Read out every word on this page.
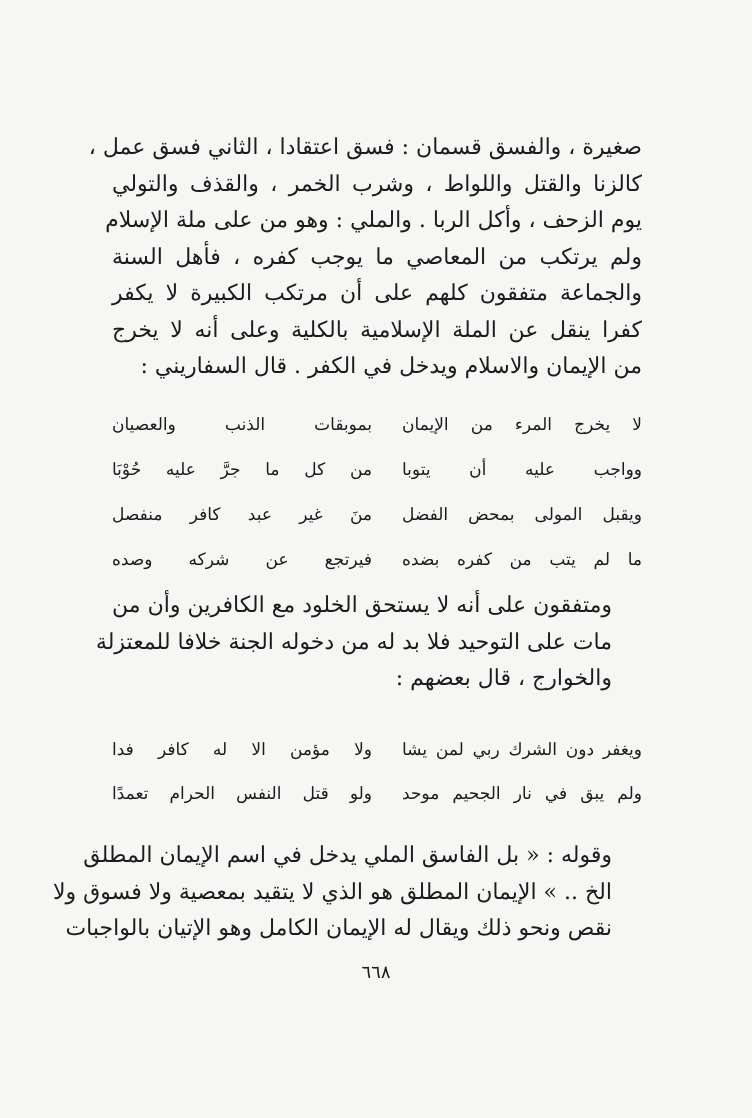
صغيرة ، والفسق قسمان : فسق اعتقادا ، الثاني فسق عمل ،
كالزنا والقتل واللواط ، وشرب الخمر ، والقذف والتولي
يوم الزحف ، وأكل الربا . والملي : وهو من على ملة الإسلام
ولم يرتكب من المعاصي ما يوجب كفره ، فأهل السنة
والجماعة متفقون كلهم على أن مرتكب الكبيرة لا يكفر
كفرا ينقل عن الملة الإسلامية بالكلية وعلى أنه لا يخرج
من الإيمان والاسلام ويدخل في الكفر . قال السفاريني :

لا يخرج المرء من الإيمان
بموبقات الذنب والعصيان
وواجب عليه أن يتوبا
من كل ما جرَّ عليه حُوْبَا
ويقبل المولى بمحض الفضل
منَ غير عبد كافر منفصل
ما لم يتب من كفره بضده
فيرتجع عن شركه وصده

ومتفقون على أنه لا يستحق الخلود مع الكافرين وأن من
مات على التوحيد فلا بد له من دخوله الجنة خلافا للمعتزلة
والخوارج ، قال بعضهم :

ويغفر دون الشرك ربي لمن يشا
ولا مؤمن الا له كافر فدا
ولم يبق في نار الجحيم موحد
ولو قتل النفس الحرام تعمدًا

وقوله : « بل الفاسق الملي يدخل في اسم الإيمان المطلق
الخ .. » الإيمان المطلق هو الذي لا يتقيد بمعصية ولا فسوق ولا
نقص ونحو ذلك ويقال له الإيمان الكامل وهو الإتيان بالواجبات

٦٦٨
